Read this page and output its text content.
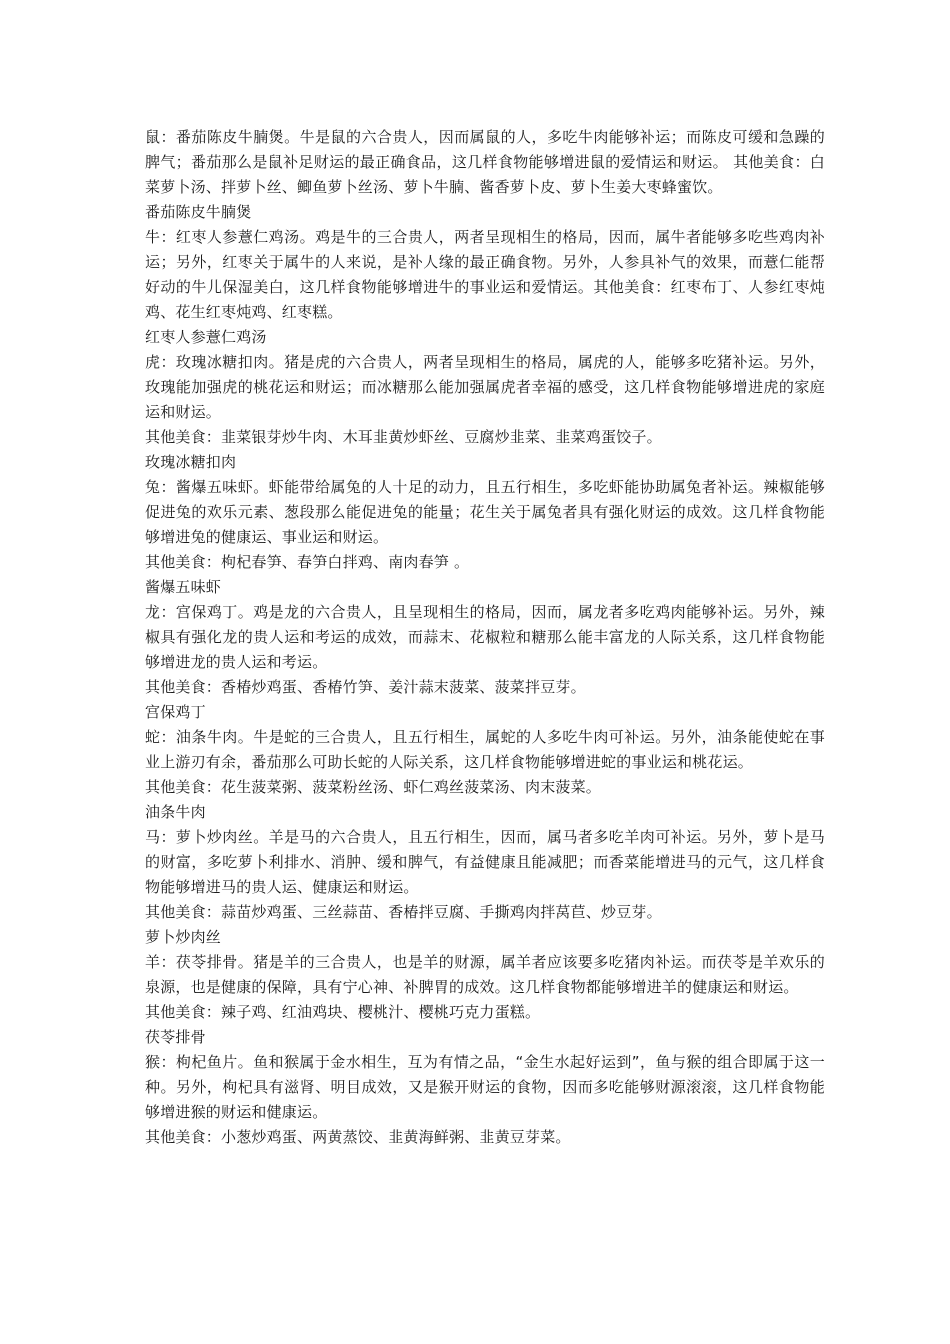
鼠：番茄陈皮牛腩煲。牛是鼠的六合贵人，因而属鼠的人，多吃牛肉能够补运；而陈皮可缓和急躁的脾气；番茄那么是鼠补足财运的最正确食品，这几样食物能够增进鼠的爱情运和财运。 其他美食：白菜萝卜汤、拌萝卜丝、鲫鱼萝卜丝汤、萝卜牛腩、酱香萝卜皮、萝卜生姜大枣蜂蜜饮。

番茄陈皮牛腩煲

牛：红枣人参薏仁鸡汤。鸡是牛的三合贵人，两者呈现相生的格局，因而，属牛者能够多吃些鸡肉补运；另外，红枣关于属牛的人来说，是补人缘的最正确食物。另外，人参具补气的效果，而薏仁能帮好动的牛儿保湿美白，这几样食物能够增进牛的事业运和爱情运。其他美食：红枣布丁、人参红枣炖鸡、花生红枣炖鸡、红枣糕。

红枣人参薏仁鸡汤

虎：玫瑰冰糖扣肉。猪是虎的六合贵人，两者呈现相生的格局，属虎的人，能够多吃猪补运。另外，玫瑰能加强虎的桃花运和财运；而冰糖那么能加强属虎者幸福的感受，这几样食物能够增进虎的家庭运和财运。

其他美食：韭菜银芽炒牛肉、木耳韭黄炒虾丝、豆腐炒韭菜、韭菜鸡蛋饺子。

玫瑰冰糖扣肉

兔：酱爆五味虾。虾能带给属兔的人十足的动力，且五行相生，多吃虾能协助属兔者补运。辣椒能够促进兔的欢乐元素、葱段那么能促进兔的能量；花生关于属兔者具有强化财运的成效。这几样食物能够增进兔的健康运、事业运和财运。

其他美食：枸杞春笋、春笋白拌鸡、南肉春笋 。

酱爆五味虾

龙：宫保鸡丁。鸡是龙的六合贵人，且呈现相生的格局，因而，属龙者多吃鸡肉能够补运。另外，辣椒具有强化龙的贵人运和考运的成效，而蒜末、花椒粒和糖那么能丰富龙的人际关系，这几样食物能够增进龙的贵人运和考运。

其他美食：香椿炒鸡蛋、香椿竹笋、姜汁蒜末菠菜、菠菜拌豆芽。

宫保鸡丁

蛇：油条牛肉。牛是蛇的三合贵人，且五行相生，属蛇的人多吃牛肉可补运。另外，油条能使蛇在事业上游刃有余，番茄那么可助长蛇的人际关系，这几样食物能够增进蛇的事业运和桃花运。

其他美食：花生菠菜粥、菠菜粉丝汤、虾仁鸡丝菠菜汤、肉末菠菜。

油条牛肉

马：萝卜炒肉丝。羊是马的六合贵人，且五行相生，因而，属马者多吃羊肉可补运。另外，萝卜是马的财富，多吃萝卜利排水、消肿、缓和脾气，有益健康且能减肥；而香菜能增进马的元气，这几样食物能够增进马的贵人运、健康运和财运。

其他美食：蒜苗炒鸡蛋、三丝蒜苗、香椿拌豆腐、手撕鸡肉拌莴苣、炒豆芽。

萝卜炒肉丝

羊：茯苓排骨。猪是羊的三合贵人，也是羊的财源，属羊者应该要多吃猪肉补运。而茯苓是羊欢乐的泉源，也是健康的保障，具有宁心神、补脾胃的成效。这几样食物都能够增进羊的健康运和财运。

其他美食：辣子鸡、红油鸡块、樱桃汁、樱桃巧克力蛋糕。

茯苓排骨

猴：枸杞鱼片。鱼和猴属于金水相生，互为有情之品，“金生水起好运到”，鱼与猴的组合即属于这一种。另外，枸杞具有滋肾、明目成效，又是猴开财运的食物，因而多吃能够财源滚滚，这几样食物能够增进猴的财运和健康运。

其他美食：小葱炒鸡蛋、两黄蒸饺、韭黄海鲜粥、韭黄豆芽菜。
